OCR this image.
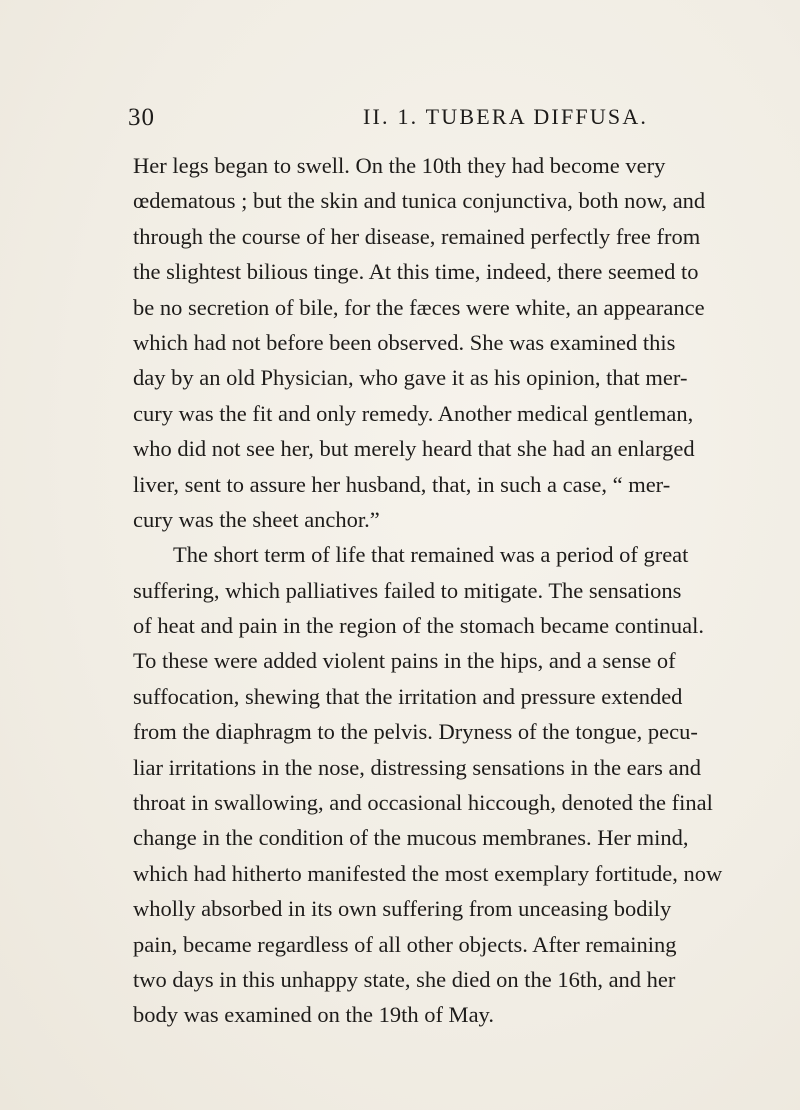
30	II. 1. TUBERA DIFFUSA.
Her legs began to swell. On the 10th they had become very
œdematous ; but the skin and tunica conjunctiva, both now, and
through the course of her disease, remained perfectly free from
the slightest bilious tinge. At this time, indeed, there seemed to
be no secretion of bile, for the fæces were white, an appearance
which had not before been observed. She was examined this
day by an old Physician, who gave it as his opinion, that mer-
cury was the fit and only remedy. Another medical gentleman,
who did not see her, but merely heard that she had an enlarged
liver, sent to assure her husband, that, in such a case, “ mer-
cury was the sheet anchor.”
The short term of life that remained was a period of great
suffering, which palliatives failed to mitigate. The sensations
of heat and pain in the region of the stomach became continual.
To these were added violent pains in the hips, and a sense of
suffocation, shewing that the irritation and pressure extended
from the diaphragm to the pelvis. Dryness of the tongue, pecu-
liar irritations in the nose, distressing sensations in the ears and
throat in swallowing, and occasional hiccough, denoted the final
change in the condition of the mucous membranes. Her mind,
which had hitherto manifested the most exemplary fortitude, now
wholly absorbed in its own suffering from unceasing bodily
pain, became regardless of all other objects. After remaining
two days in this unhappy state, she died on the 16th, and her
body was examined on the 19th of May.
